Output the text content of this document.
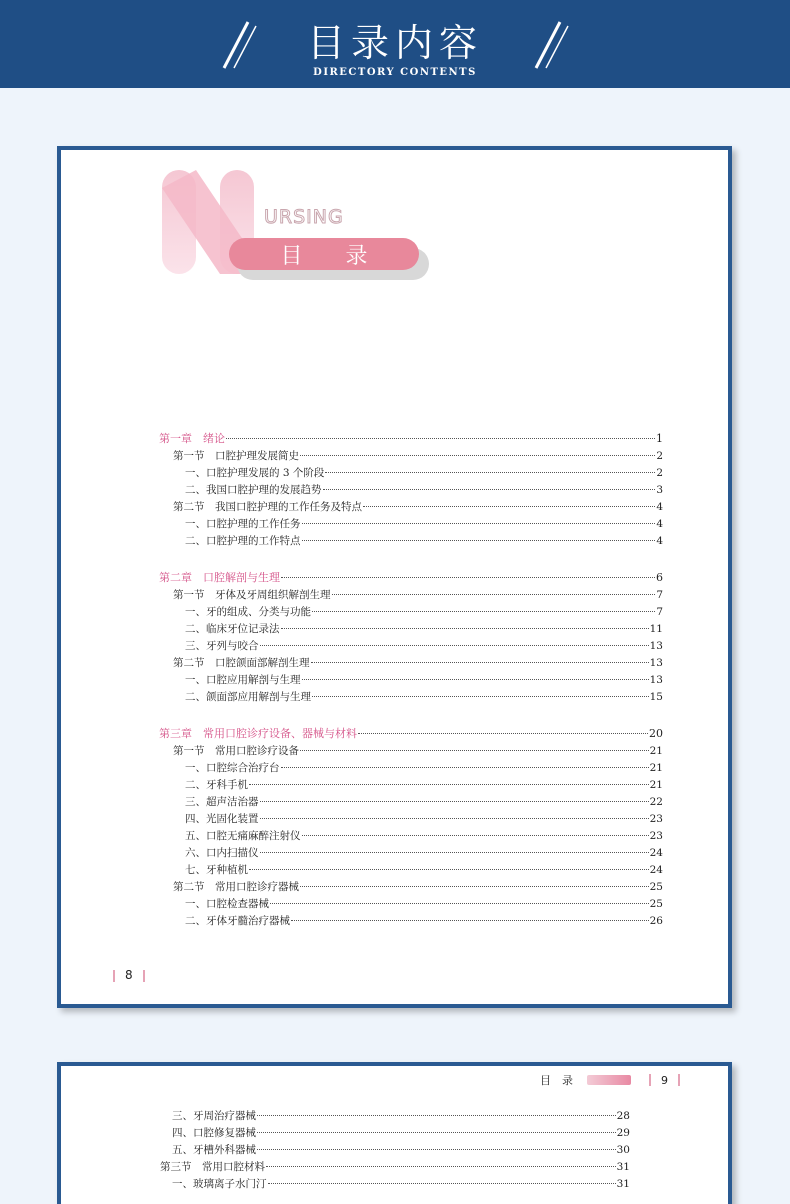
目录内容
DIRECTORY CONTENTS
URSING
目 录
第一章　绪论	1
第一节　口腔护理发展简史	2
一、口腔护理发展的 3 个阶段	2
二、我国口腔护理的发展趋势	3
第二节　我国口腔护理的工作任务及特点	4
一、口腔护理的工作任务	4
二、口腔护理的工作特点	4
第二章　口腔解剖与生理	6
第一节　牙体及牙周组织解剖生理	7
一、牙的组成、分类与功能	7
二、临床牙位记录法	11
三、牙列与咬合	13
第二节　口腔颌面部解剖生理	13
一、口腔应用解剖与生理	13
二、颌面部应用解剖与生理	15
第三章　常用口腔诊疗设备、器械与材料	20
第一节　常用口腔诊疗设备	21
一、口腔综合治疗台	21
二、牙科手机	21
三、超声洁治器	22
四、光固化装置	23
五、口腔无痛麻醉注射仪	23
六、口内扫描仪	24
七、牙种植机	24
第二节　常用口腔诊疗器械	25
一、口腔检查器械	25
二、牙体牙髓治疗器械	26
8
目　录	9
三、牙周治疗器械	28
四、口腔修复器械	29
五、牙槽外科器械	30
第三节　常用口腔材料	31
一、玻璃离子水门汀	31
